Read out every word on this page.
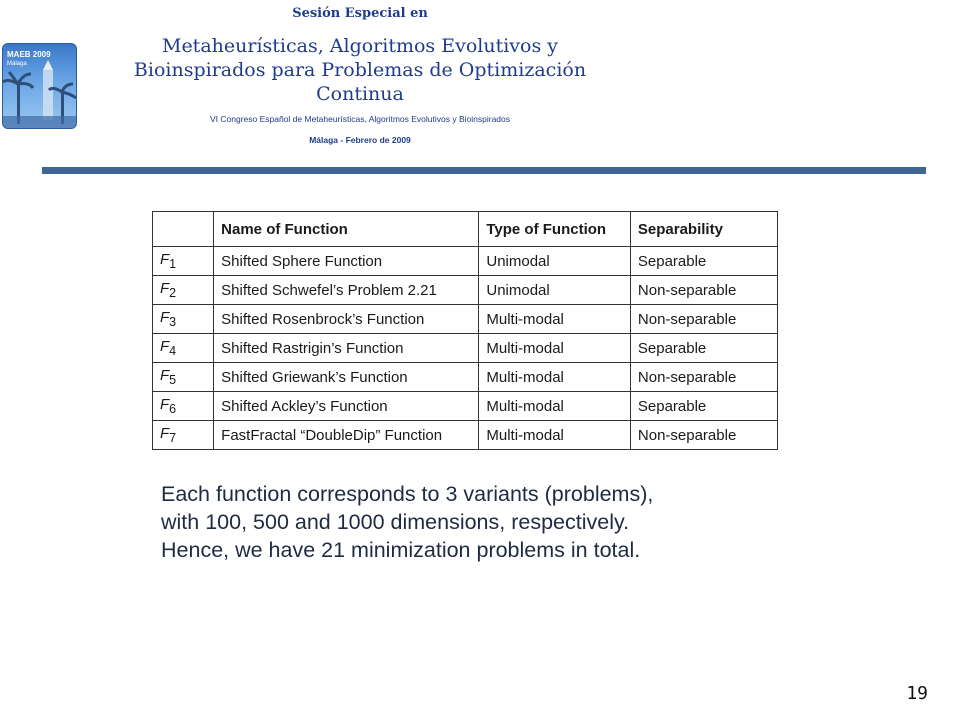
MAEB 2009
Málaga
Sesión Especial en
Metaheurísticas, Algoritmos Evolutivos y
Bioinspirados para Problemas de Optimización
Continua
VI Congreso Español de Metaheurísticas, Algoritmos Evolutivos y Bioinspirados
Málaga - Febrero de 2009
	Name of Function	Type of Function	Separability
$F_1$	Shifted Sphere Function	Unimodal	Separable
$F_2$	Shifted Schwefel’s Problem 2.21	Unimodal	Non-separable
$F_3$	Shifted Rosenbrock’s Function	Multi-modal	Non-separable
$F_4$	Shifted Rastrigin’s Function	Multi-modal	Separable
$F_5$	Shifted Griewank’s Function	Multi-modal	Non-separable
$F_6$	Shifted Ackley’s Function	Multi-modal	Separable
$F_7$	FastFractal “DoubleDip” Function	Multi-modal	Non-separable
Each function corresponds to 3 variants (problems),
with 100, 500 and 1000 dimensions, respectively.
Hence, we have 21 minimization problems in total.
19
